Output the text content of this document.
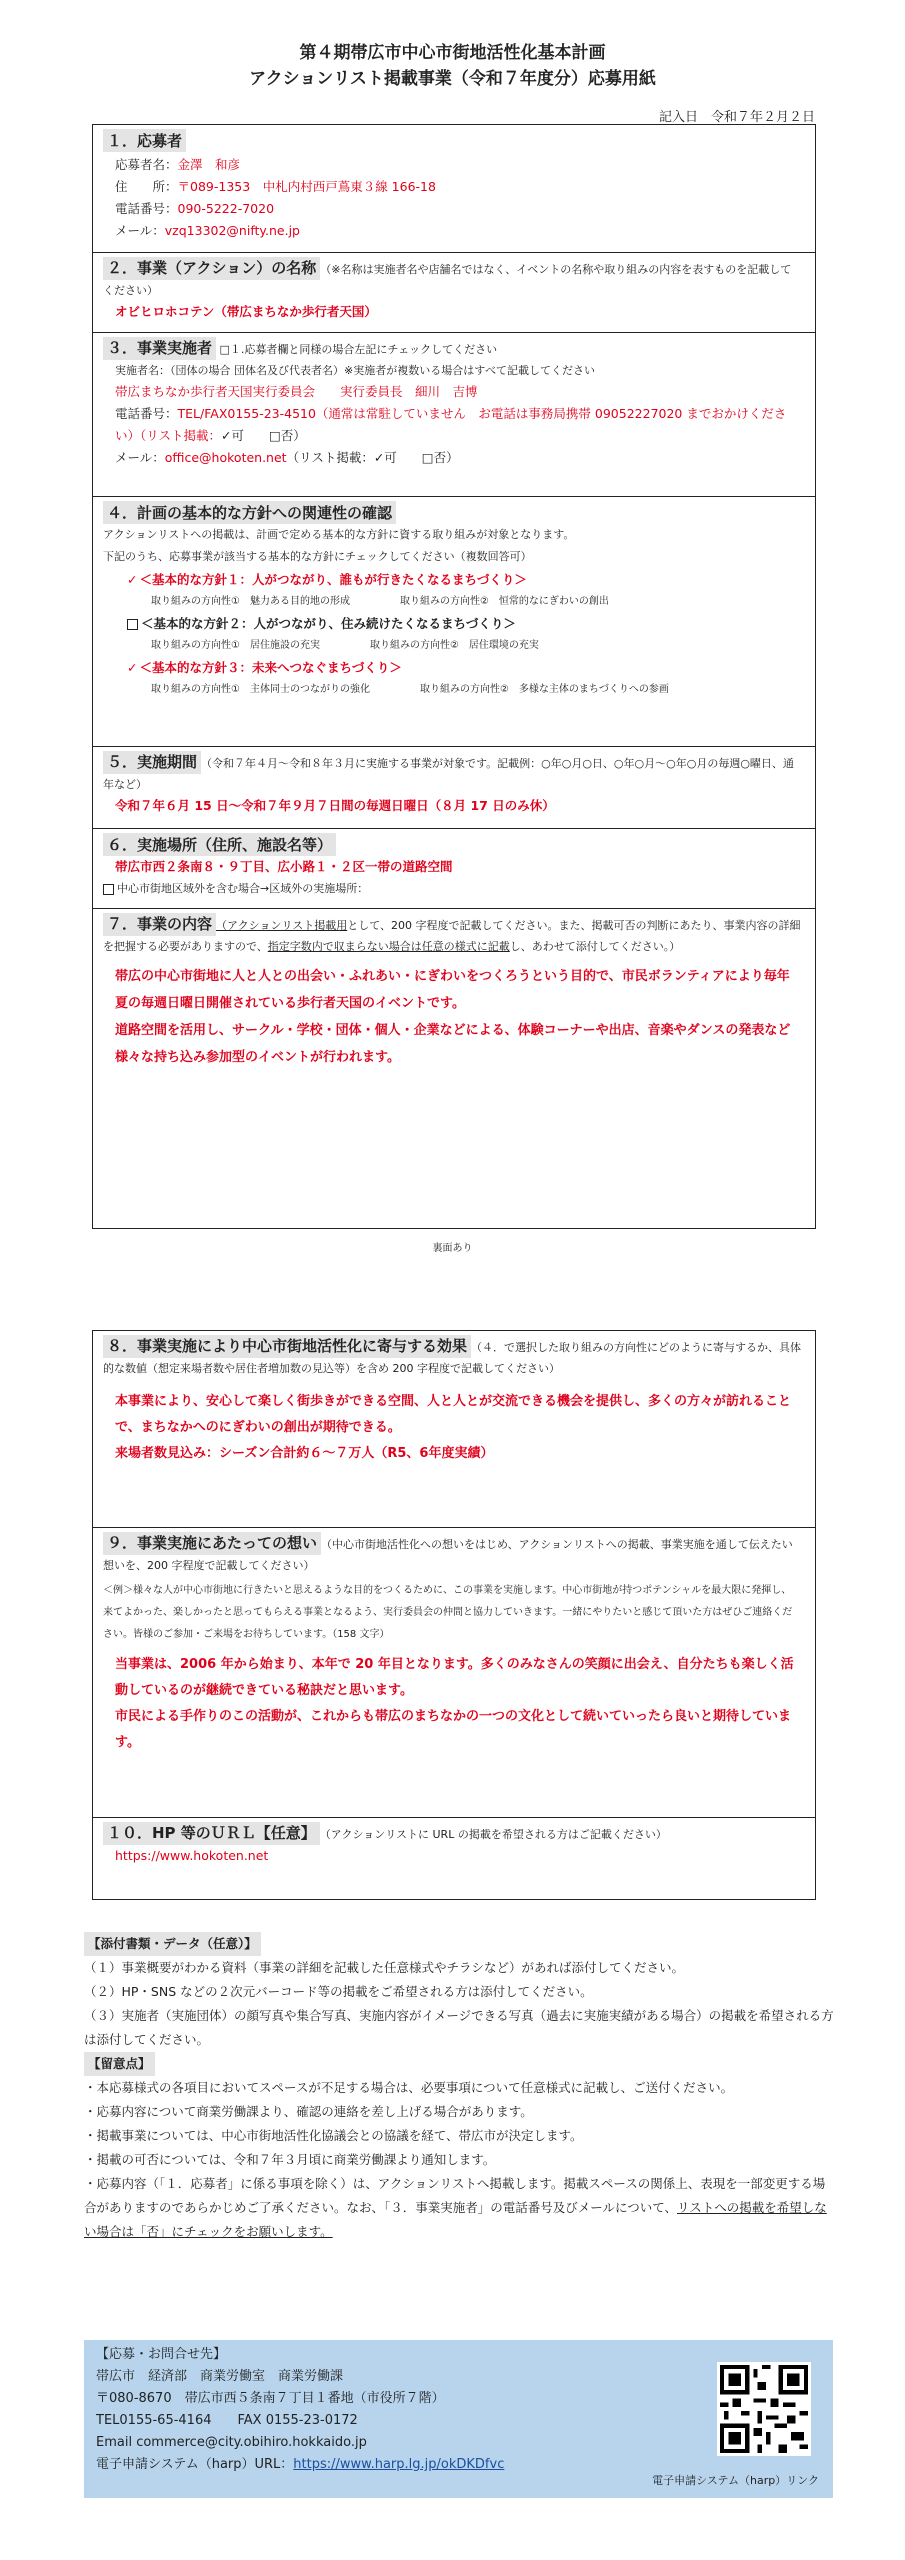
第４期帯広市中心市街地活性化基本計画
アクションリスト掲載事業（令和７年度分）応募用紙
記入日　令和７年２月２日
１．応募者
応募者名：金澤　和彦
住　　所：〒089-1353　中札内村西戸蔦東３線 166-18
電話番号：090-5222-7020
メール：vzq13302@nifty.ne.jp
２．事業（アクション）の名称 （※名称は実施者名や店舗名ではなく、イベントの名称や取り組みの内容を表すものを記載してください）
オビヒロホコテン（帯広まちなか歩行者天国）
３．事業実施者 □１.応募者欄と同様の場合左記にチェックしてください
実施者名：（団体の場合 団体名及び代表者名）※実施者が複数いる場合はすべて記載してください
帯広まちなか歩行者天国実行委員会　　実行委員長　細川　吉博
電話番号：TEL/FAX0155-23-4510（通常は常駐していません　お電話は事務局携帯 09052227020 までおかけください）（リスト掲載：✓可　　□否）
メール：office@hokoten.net（リスト掲載：✓可　　□否）
４．計画の基本的な方針への関連性の確認
アクションリストへの掲載は、計画で定める基本的な方針に資する取り組みが対象となります。
下記のうち、応募事業が該当する基本的な方針にチェックしてください（複数回答可）
✓ ＜基本的な方針１：人がつながり、誰もが行きたくなるまちづくり＞
取り組みの方向性①　魅力ある目的地の形成	取り組みの方向性②　恒常的なにぎわいの創出
＜基本的な方針２：人がつながり、住み続けたくなるまちづくり＞
取り組みの方向性①　居住施設の充実	取り組みの方向性②　居住環境の充実
✓ ＜基本的な方針３：未来へつなぐまちづくり＞
取り組みの方向性①　主体同士のつながりの強化	取り組みの方向性②　多様な主体のまちづくりへの参画
５．実施期間 （令和７年４月〜令和８年３月に実施する事業が対象です。記載例：○年○月○日、○年○月〜○年○月の毎週○曜日、通年など）
令和７年６月 15 日〜令和７年９月７日間の毎週日曜日（８月 17 日のみ休）
６．実施場所（住所、施設名等）
帯広市西２条南８・９丁目、広小路１・２区一帯の道路空間
中心市街地区域外を含む場合→区域外の実施場所：
７．事業の内容 （アクションリスト掲載用として、200 字程度で記載してください。また、掲載可否の判断にあたり、事業内容の詳細を把握する必要がありますので、指定字数内で収まらない場合は任意の様式に記載し、あわせて添付してください。）
帯広の中心市街地に人と人との出会い・ふれあい・にぎわいをつくろうという目的で、市民ボランティアにより毎年夏の毎週日曜日開催されている歩行者天国のイベントです。
道路空間を活用し、サークル・学校・団体・個人・企業などによる、体験コーナーや出店、音楽やダンスの発表など様々な持ち込み参加型のイベントが行われます。
裏面あり
８．事業実施により中心市街地活性化に寄与する効果 （４．で選択した取り組みの方向性にどのように寄与するか、具体的な数値（想定来場者数や居住者増加数の見込等）を含め 200 字程度で記載してください）
本事業により、安心して楽しく街歩きができる空間、人と人とが交流できる機会を提供し、多くの方々が訪れることで、まちなかへのにぎわいの創出が期待できる。
来場者数見込み：シーズン合計約６〜７万人（R5、6年度実績）
９．事業実施にあたっての想い （中心市街地活性化への想いをはじめ、アクションリストへの掲載、事業実施を通して伝えたい想いを、200 字程度で記載してください）
＜例＞様々な人が中心市街地に行きたいと思えるような目的をつくるために、この事業を実施します。中心市街地が持つポテンシャルを最大限に発揮し、来てよかった、楽しかったと思ってもらえる事業となるよう、実行委員会の仲間と協力していきます。一緒にやりたいと感じて頂いた方はぜひご連絡ください。皆様のご参加・ご来場をお待ちしています。（158 文字）
当事業は、2006 年から始まり、本年で 20 年目となります。多くのみなさんの笑顔に出会え、自分たちも楽しく活動しているのが継続できている秘訣だと思います。
市民による手作りのこの活動が、これからも帯広のまちなかの一つの文化として続いていったら良いと期待しています。
１０．HP 等のＵＲＬ【任意】 （アクションリストに URL の掲載を希望される方はご記載ください）
https://www.hokoten.net
【添付書類・データ（任意）】
（１）事業概要がわかる資料（事業の詳細を記載した任意様式やチラシなど）があれば添付してください。
（２）HP・SNS などの２次元バーコード等の掲載をご希望される方は添付してください。
（３）実施者（実施団体）の顔写真や集合写真、実施内容がイメージできる写真（過去に実施実績がある場合）の掲載を希望される方は添付してください。
【留意点】
・本応募様式の各項目においてスペースが不足する場合は、必要事項について任意様式に記載し、ご送付ください。
・応募内容について商業労働課より、確認の連絡を差し上げる場合があります。
・掲載事業については、中心市街地活性化協議会との協議を経て、帯広市が決定します。
・掲載の可否については、令和７年３月頃に商業労働課より通知します。
・応募内容（「１．応募者」に係る事項を除く）は、アクションリストへ掲載します。掲載スペースの関係上、表現を一部変更する場合がありますのであらかじめご了承ください。なお、「３．事業実施者」の電話番号及びメールについて、リストへの掲載を希望しない場合は「否」にチェックをお願いします。
【応募・お問合せ先】
帯広市　経済部　商業労働室　商業労働課
〒080-8670　帯広市西５条南７丁目１番地（市役所７階）
TEL0155-65-4164　　FAX 0155-23-0172
Email commerce@city.obihiro.hokkaido.jp
電子申請システム（harp）URL：https://www.harp.lg.jp/okDKDfvc
電子申請システム（harp）リンク
